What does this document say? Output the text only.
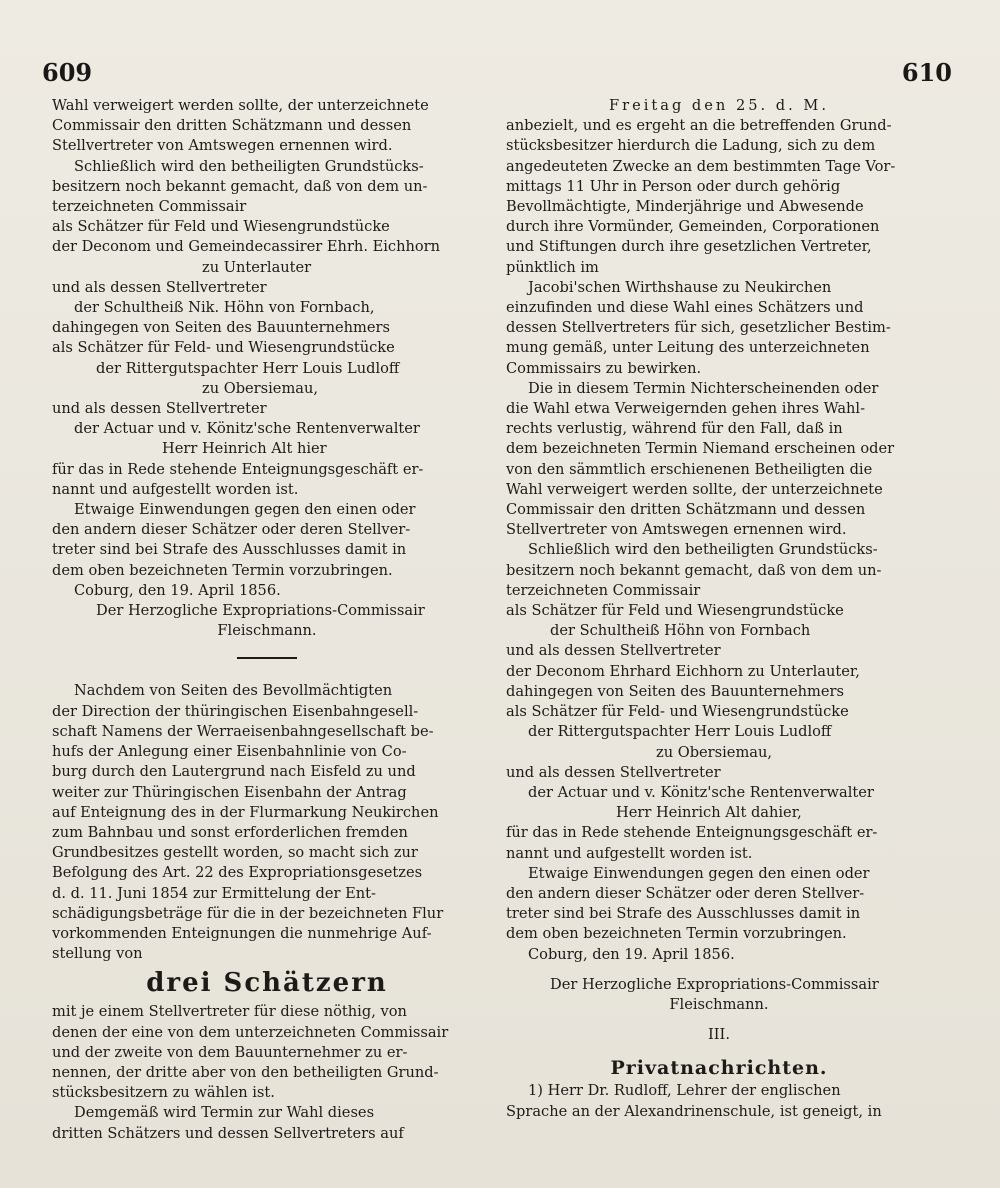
609	610
Wahl verweigert werden sollte, der unterzeichnete
Commissair den dritten Schätzmann und dessen
Stellvertreter von Amtswegen ernennen wird.
Schließlich wird den betheiligten Grundstücks-
besitzern noch bekannt gemacht, daß von dem un-
terzeichneten Commissair
als Schätzer für Feld und Wiesengrundstücke
der Deconom und Gemeindecassirer Ehrh. Eichhorn
zu Unterlauter
und als dessen Stellvertreter
der Schultheiß Nik. Höhn von Fornbach,
dahingegen von Seiten des Bauunternehmers
als Schätzer für Feld- und Wiesengrundstücke
der Rittergutspachter Herr Louis Ludloff
zu Obersiemau,
und als dessen Stellvertreter
der Actuar und v. Könitz'sche Rentenverwalter
Herr Heinrich Alt hier
für das in Rede stehende Enteignungsgeschäft er-
nannt und aufgestellt worden ist.
Etwaige Einwendungen gegen den einen oder
den andern dieser Schätzer oder deren Stellver-
treter sind bei Strafe des Ausschlusses damit in
dem oben bezeichneten Termin vorzubringen.
Coburg, den 19. April 1856.
Der Herzogliche Expropriations-Commissair
Fleischmann.
Nachdem von Seiten des Bevollmächtigten
der Direction der thüringischen Eisenbahngesell-
schaft Namens der Werraeisenbahngesellschaft be-
hufs der Anlegung einer Eisenbahnlinie von Co-
burg durch den Lautergrund nach Eisfeld zu und
weiter zur Thüringischen Eisenbahn der Antrag
auf Enteignung des in der Flurmarkung Neukirchen
zum Bahnbau und sonst erforderlichen fremden
Grundbesitzes gestellt worden, so macht sich zur
Befolgung des Art. 22 des Expropriationsgesetzes
d. d. 11. Juni 1854 zur Ermittelung der Ent-
schädigungsbeträge für die in der bezeichneten Flur
vorkommenden Enteignungen die nunmehrige Auf-
stellung von
drei Schätzern
mit je einem Stellvertreter für diese nöthig, von
denen der eine von dem unterzeichneten Commissair
und der zweite von dem Bauunternehmer zu er-
nennen, der dritte aber von den betheiligten Grund-
stücksbesitzern zu wählen ist.
Demgemäß wird Termin zur Wahl dieses
dritten Schätzers und dessen Sellvertreters auf
Freitag den 25. d. M.
anbezielt, und es ergeht an die betreffenden Grund-
stücksbesitzer hierdurch die Ladung, sich zu dem
angedeuteten Zwecke an dem bestimmten Tage Vor-
mittags 11 Uhr in Person oder durch gehörig
Bevollmächtigte, Minderjährige und Abwesende
durch ihre Vormünder, Gemeinden, Corporationen
und Stiftungen durch ihre gesetzlichen Vertreter,
pünktlich im
Jacobi'schen Wirthshause zu Neukirchen
einzufinden und diese Wahl eines Schätzers und
dessen Stellvertreters für sich, gesetzlicher Bestim-
mung gemäß, unter Leitung des unterzeichneten
Commissairs zu bewirken.
Die in diesem Termin Nichterscheinenden oder
die Wahl etwa Verweigernden gehen ihres Wahl-
rechts verlustig, während für den Fall, daß in
dem bezeichneten Termin Niemand erscheinen oder
von den sämmtlich erschienenen Betheiligten die
Wahl verweigert werden sollte, der unterzeichnete
Commissair den dritten Schätzmann und dessen
Stellvertreter von Amtswegen ernennen wird.
Schließlich wird den betheiligten Grundstücks-
besitzern noch bekannt gemacht, daß von dem un-
terzeichneten Commissair
als Schätzer für Feld und Wiesengrundstücke
der Schultheiß Höhn von Fornbach
und als dessen Stellvertreter
der Deconom Ehrhard Eichhorn zu Unterlauter,
dahingegen von Seiten des Bauunternehmers
als Schätzer für Feld- und Wiesengrundstücke
der Rittergutspachter Herr Louis Ludloff
zu Obersiemau,
und als dessen Stellvertreter
der Actuar und v. Könitz'sche Rentenverwalter
Herr Heinrich Alt dahier,
für das in Rede stehende Enteignungsgeschäft er-
nannt und aufgestellt worden ist.
Etwaige Einwendungen gegen den einen oder
den andern dieser Schätzer oder deren Stellver-
treter sind bei Strafe des Ausschlusses damit in
dem oben bezeichneten Termin vorzubringen.
Coburg, den 19. April 1856.
Der Herzogliche Expropriations-Commissair
Fleischmann.
III.
Privatnachrichten.
1) Herr Dr. Rudloff, Lehrer der englischen
Sprache an der Alexandrinenschule, ist geneigt, in
